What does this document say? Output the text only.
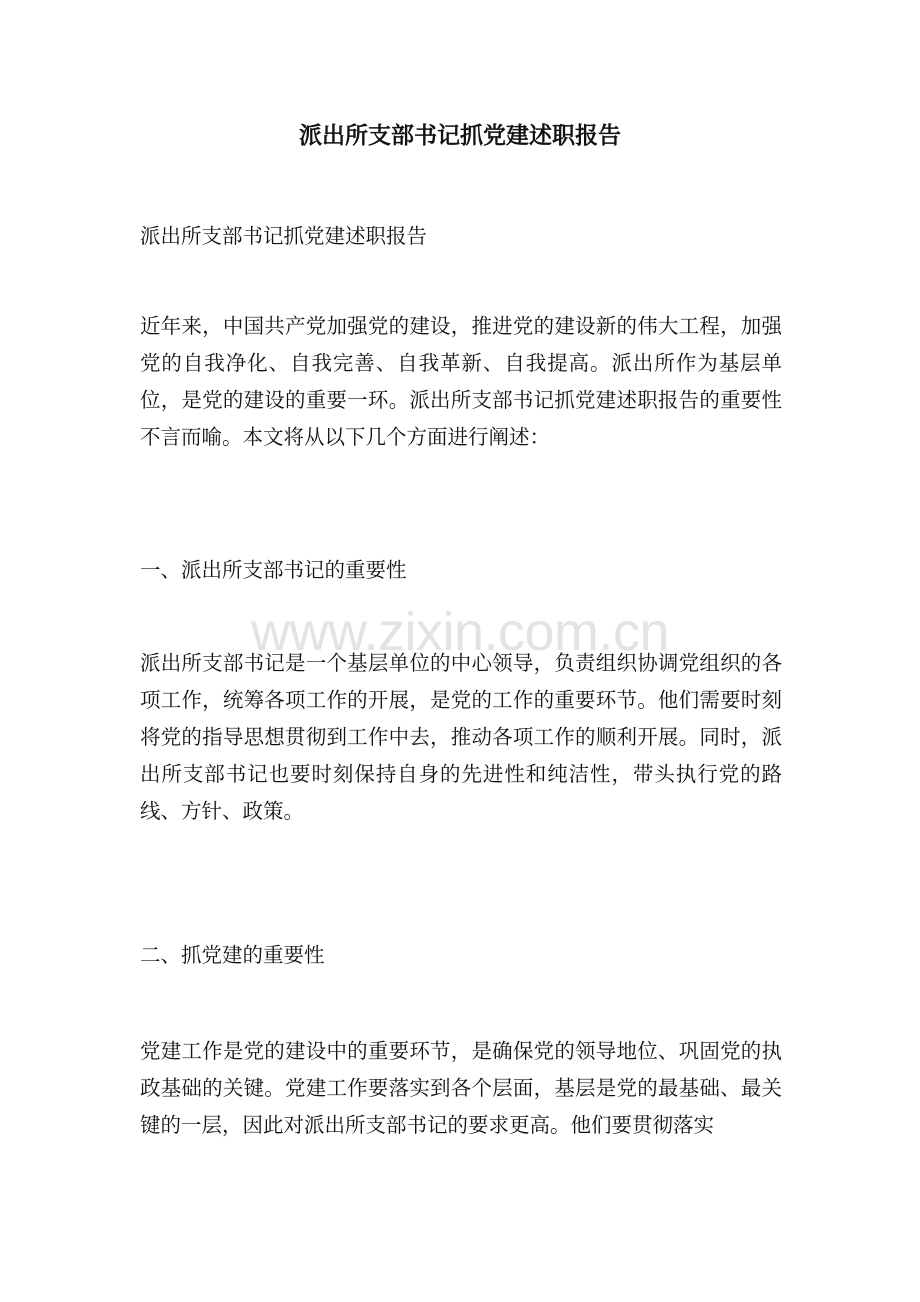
派出所支部书记抓党建述职报告

派出所支部书记抓党建述职报告

近年来，中国共产党加强党的建设，推进党的建设新的伟大工程，加强党的自我净化、自我完善、自我革新、自我提高。派出所作为基层单位，是党的建设的重要一环。派出所支部书记抓党建述职报告的重要性不言而喻。本文将从以下几个方面进行阐述：

一、派出所支部书记的重要性

www.zixin.com.cn

派出所支部书记是一个基层单位的中心领导，负责组织协调党组织的各项工作，统筹各项工作的开展，是党的工作的重要环节。他们需要时刻将党的指导思想贯彻到工作中去，推动各项工作的顺利开展。同时，派出所支部书记也要时刻保持自身的先进性和纯洁性，带头执行党的路线、方针、政策。

二、抓党建的重要性

党建工作是党的建设中的重要环节，是确保党的领导地位、巩固党的执政基础的关键。党建工作要落实到各个层面，基层是党的最基础、最关键的一层，因此对派出所支部书记的要求更高。他们要贯彻落实
